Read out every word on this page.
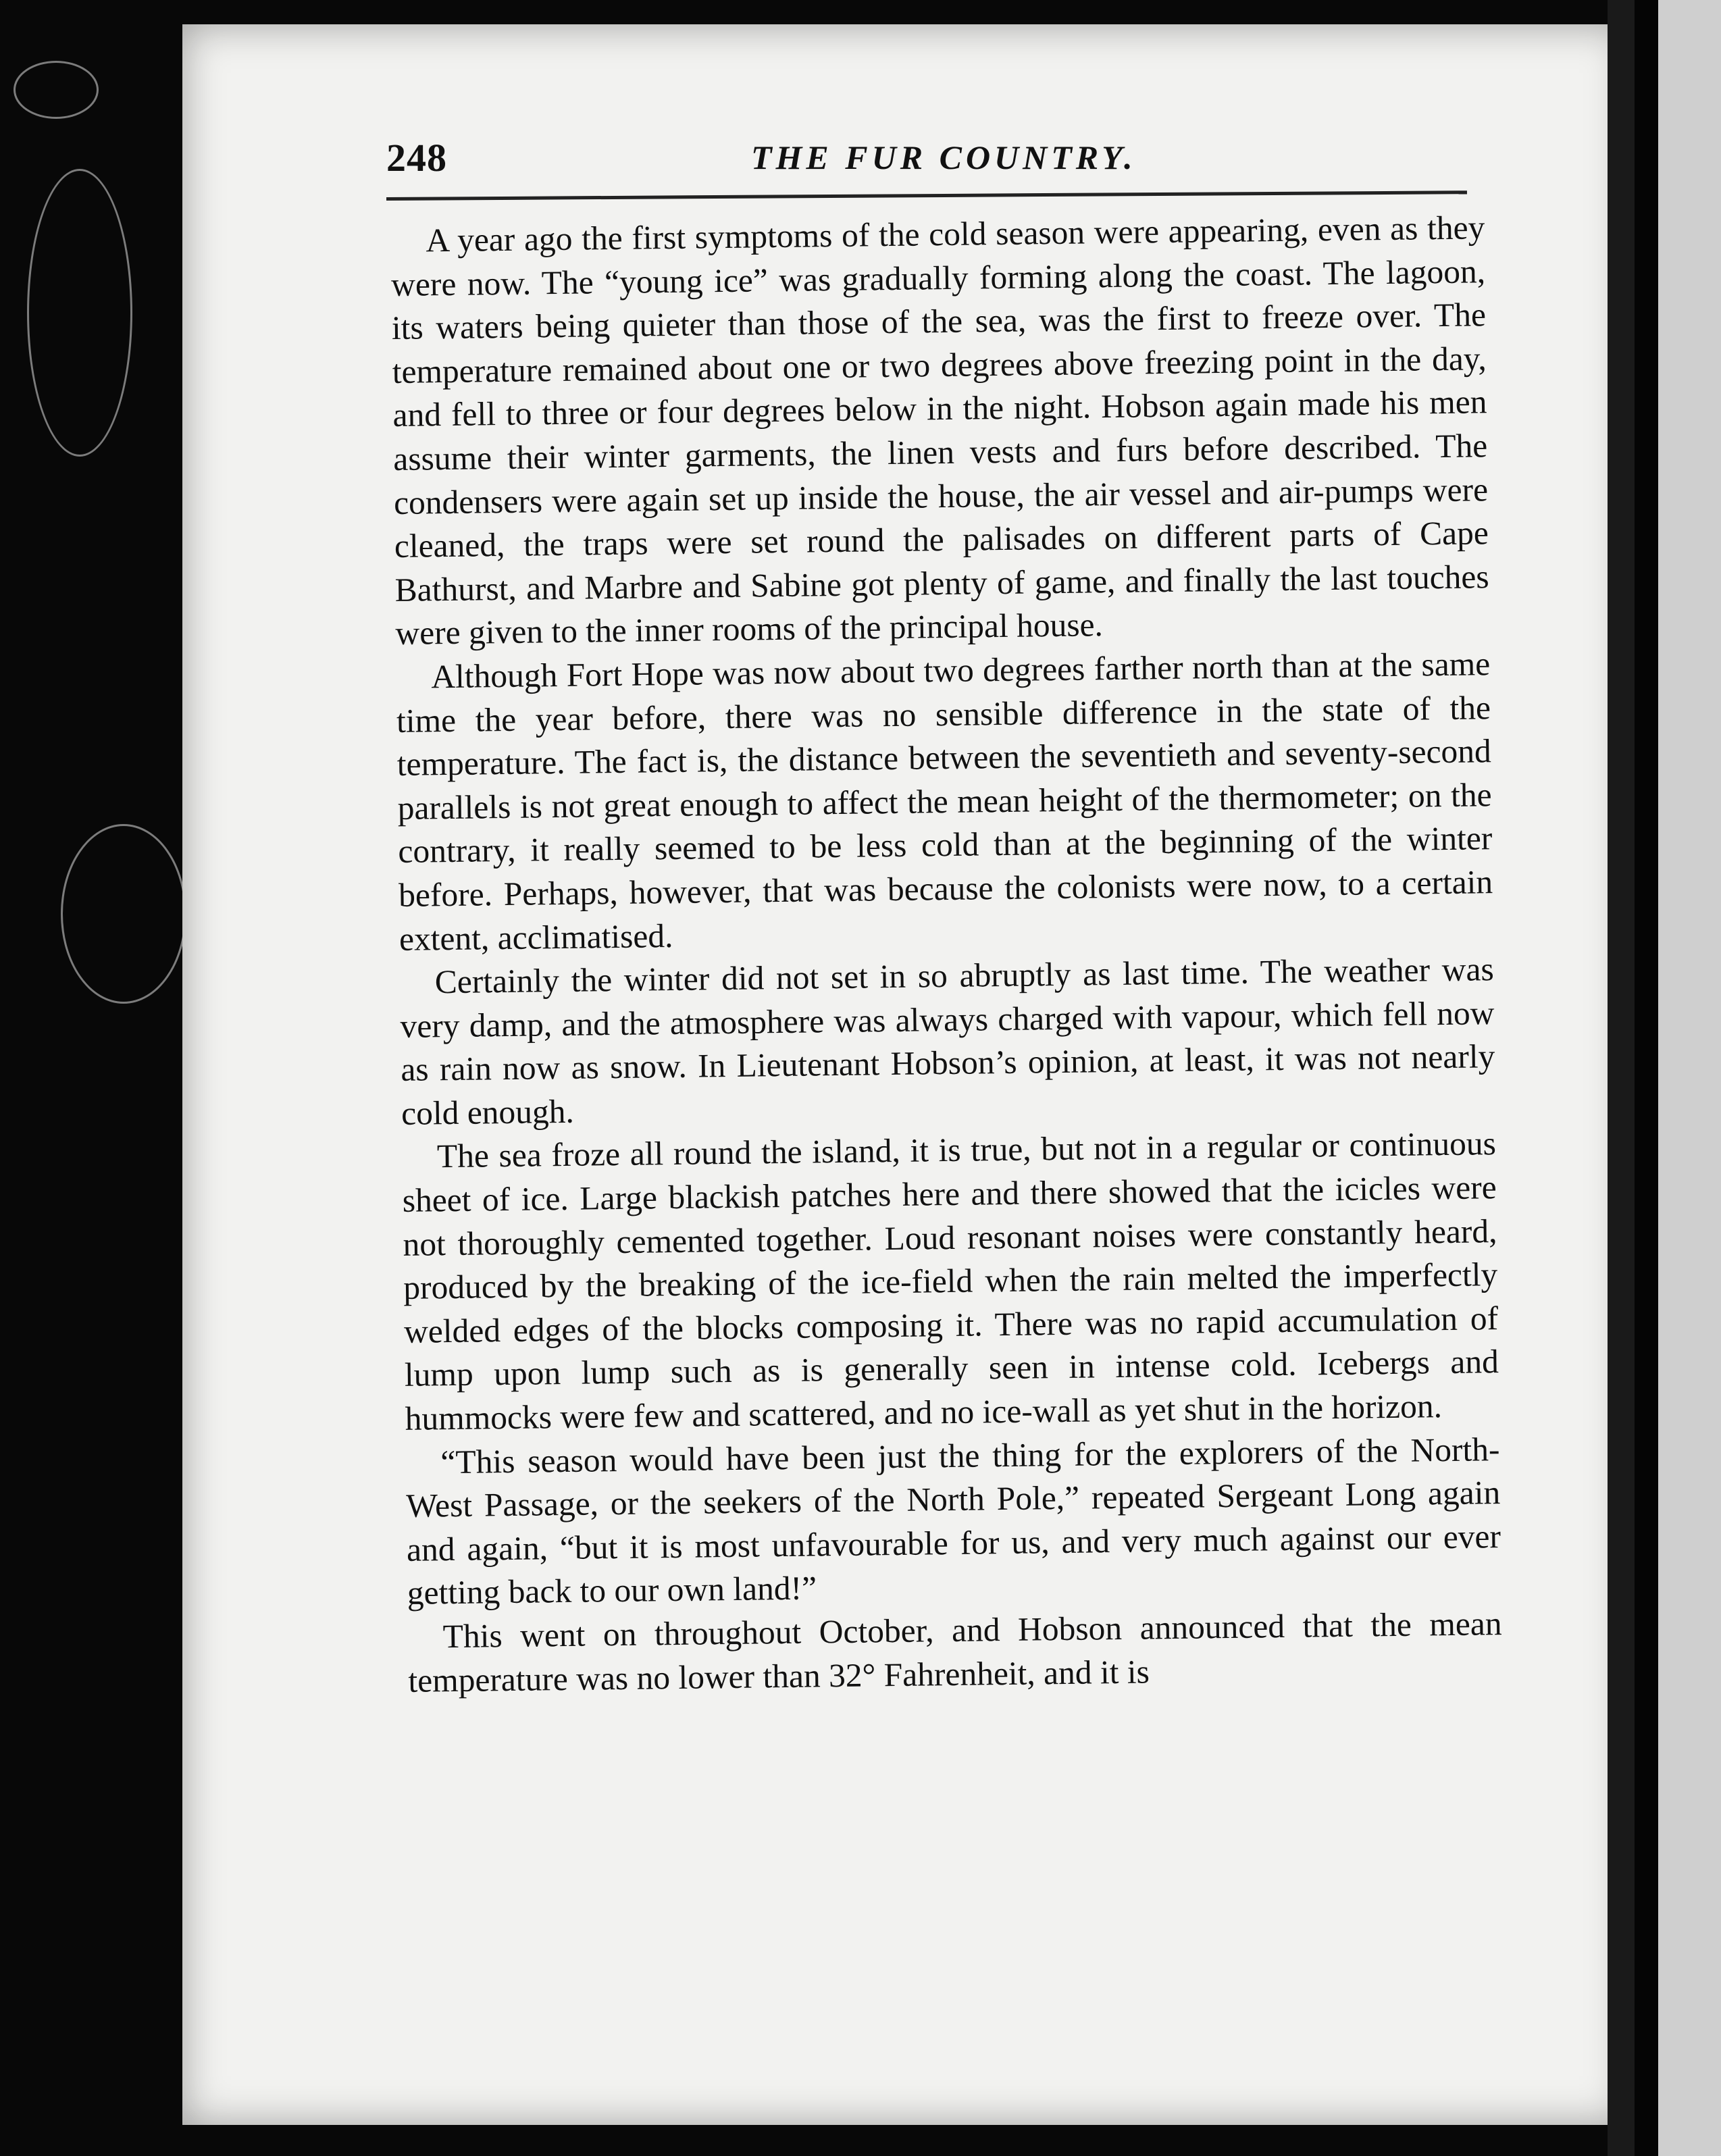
248	THE FUR COUNTRY.

A year ago the first symptoms of the cold season were appearing, even as they were now. The “young ice” was gradually forming along the coast. The lagoon, its waters being quieter than those of the sea, was the first to freeze over. The temperature remained about one or two degrees above freezing point in the day, and fell to three or four degrees below in the night. Hobson again made his men assume their winter garments, the linen vests and furs before described. The condensers were again set up inside the house, the air vessel and air-pumps were cleaned, the traps were set round the palisades on different parts of Cape Bathurst, and Marbre and Sabine got plenty of game, and finally the last touches were given to the inner rooms of the principal house.

Although Fort Hope was now about two degrees farther north than at the same time the year before, there was no sensible difference in the state of the temperature. The fact is, the distance between the seventieth and seventy-second parallels is not great enough to affect the mean height of the thermometer; on the contrary, it really seemed to be less cold than at the beginning of the winter before. Perhaps, however, that was because the colonists were now, to a certain extent, acclimatised.

Certainly the winter did not set in so abruptly as last time. The weather was very damp, and the atmosphere was always charged with vapour, which fell now as rain now as snow. In Lieutenant Hobson’s opinion, at least, it was not nearly cold enough.

The sea froze all round the island, it is true, but not in a regular or continuous sheet of ice. Large blackish patches here and there showed that the icicles were not thoroughly cemented together. Loud resonant noises were constantly heard, produced by the breaking of the ice-field when the rain melted the imperfectly welded edges of the blocks composing it. There was no rapid accumulation of lump upon lump such as is generally seen in intense cold. Icebergs and hummocks were few and scattered, and no ice-wall as yet shut in the horizon.

“This season would have been just the thing for the explorers of the North-West Passage, or the seekers of the North Pole,” repeated Sergeant Long again and again, “but it is most unfavourable for us, and very much against our ever getting back to our own land!”

This went on throughout October, and Hobson announced that the mean temperature was no lower than 32° Fahrenheit, and it is
